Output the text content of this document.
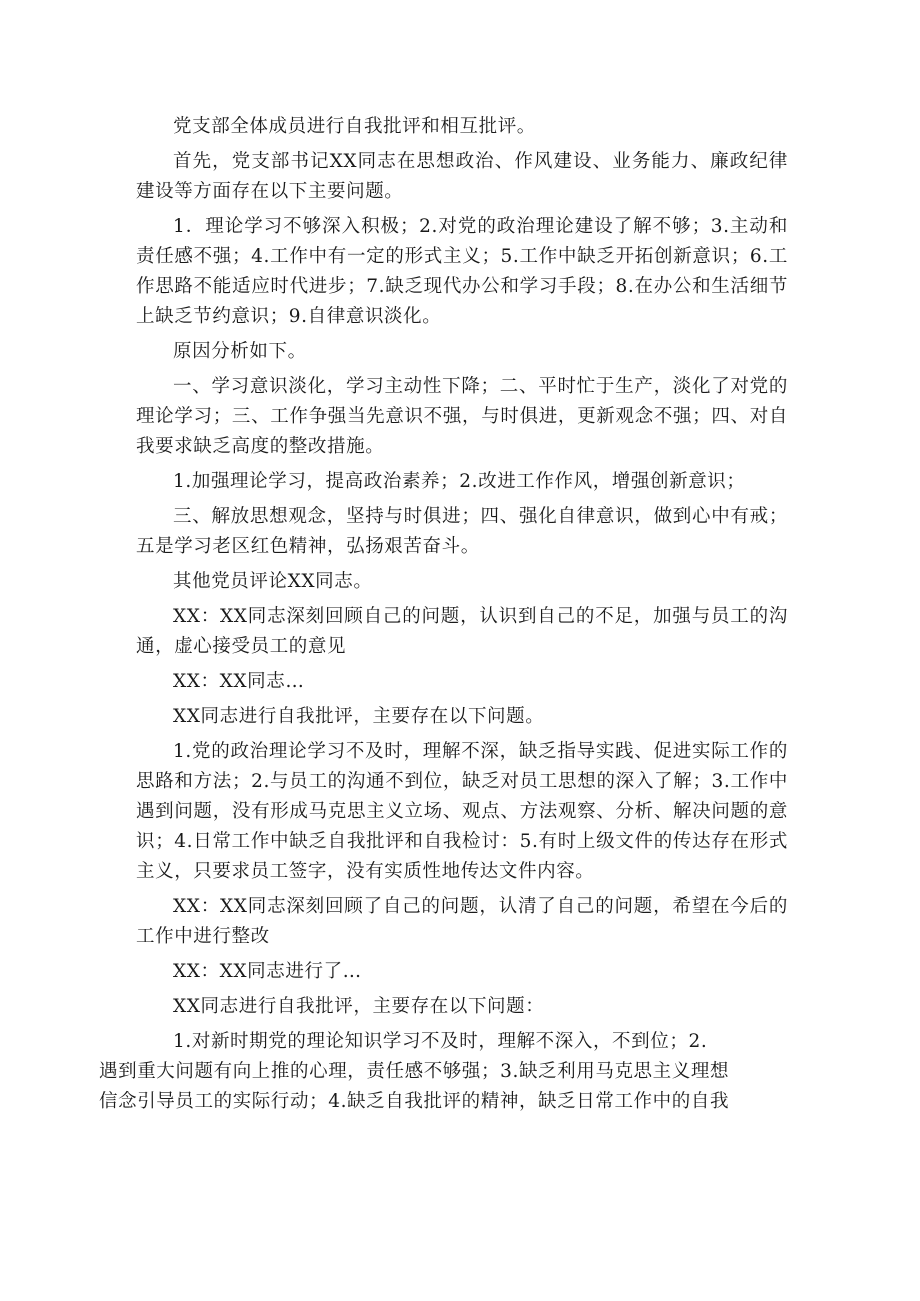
党支部全体成员进行自我批评和相互批评。

首先，党支部书记XX同志在思想政治、作风建设、业务能力、廉政纪律建设等方面存在以下主要问题。

1．理论学习不够深入积极；2.对党的政治理论建设了解不够；3.主动和责任感不强；4.工作中有一定的形式主义；5.工作中缺乏开拓创新意识；6.工作思路不能适应时代进步；7.缺乏现代办公和学习手段；8.在办公和生活细节上缺乏节约意识；9.自律意识淡化。

原因分析如下。

一、学习意识淡化，学习主动性下降；二、平时忙于生产，淡化了对党的理论学习；三、工作争强当先意识不强，与时俱进，更新观念不强；四、对自我要求缺乏高度的整改措施。

1.加强理论学习，提高政治素养；2.改进工作作风，增强创新意识；

三、解放思想观念，坚持与时俱进；四、强化自律意识，做到心中有戒；五是学习老区红色精神，弘扬艰苦奋斗。

其他党员评论XX同志。

XX：XX同志深刻回顾自己的问题，认识到自己的不足，加强与员工的沟通，虚心接受员工的意见

XX：XX同志…

XX同志进行自我批评，主要存在以下问题。

1.党的政治理论学习不及时，理解不深，缺乏指导实践、促进实际工作的思路和方法；2.与员工的沟通不到位，缺乏对员工思想的深入了解；3.工作中遇到问题，没有形成马克思主义立场、观点、方法观察、分析、解决问题的意识；4.日常工作中缺乏自我批评和自我检讨：5.有时上级文件的传达存在形式主义，只要求员工签字，没有实质性地传达文件内容。

XX：XX同志深刻回顾了自己的问题，认清了自己的问题，希望在今后的工作中进行整改

XX：XX同志进行了…

XX同志进行自我批评，主要存在以下问题：

1.对新时期党的理论知识学习不及时，理解不深入，不到位；2.
遇到重大问题有向上推的心理，责任感不够强；3.缺乏利用马克思主义理想
信念引导员工的实际行动；4.缺乏自我批评的精神，缺乏日常工作中的自我
